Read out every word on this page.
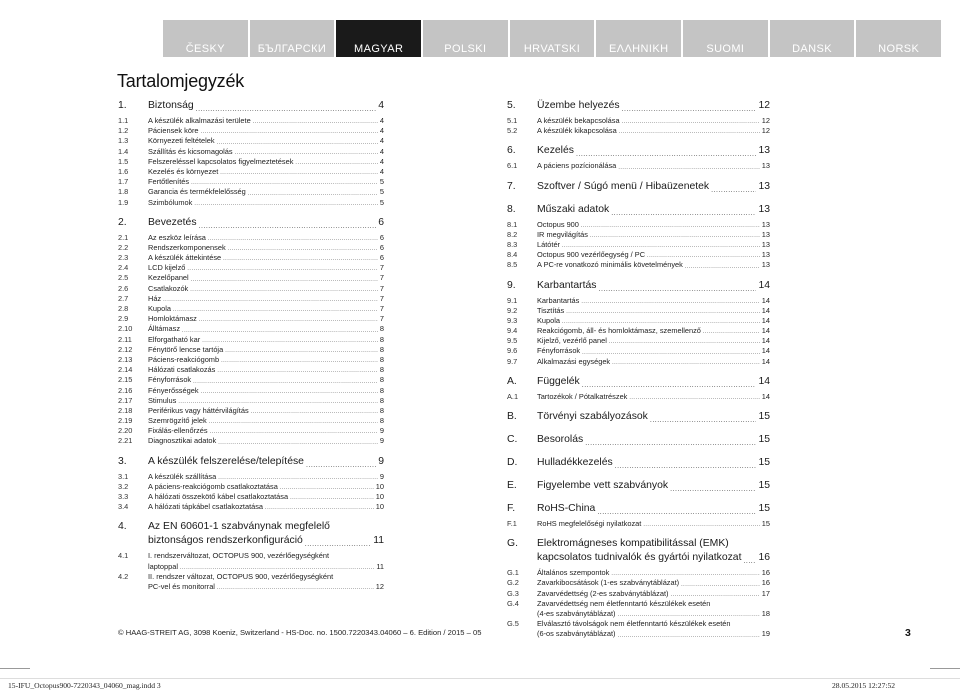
ČESKY	БЪЛГАРСКИ	MAGYAR	POLSKI	HRVATSKI	ΕΛΛΗΝΙΚΗ	SUOMI	DANSK	NORSK
Tartalomjegyzék
1.	Biztonság .....	4
1.1	A készülék alkalmazási területe .....	4
1.2	Páciensek köre .....	4
1.3	Környezeti feltételek .....	4
1.4	Szállítás és kicsomagolás .....	4
1.5	Felszereléssel kapcsolatos figyelmeztetések .....	4
1.6	Kezelés és környezet .....	4
1.7	Fertőtlenítés .....	5
1.8	Garancia és termékfelelősség .....	5
1.9	Szimbólumok .....	5
2.	Bevezetés .....	6
2.1	Az eszköz leírása .....	6
2.2	Rendszerkomponensek .....	6
2.3	A készülék áttekintése .....	6
2.4	LCD kijelző .....	7
2.5	Kezelőpanel .....	7
2.6	Csatlakozók .....	7
2.7	Ház .....	7
2.8	Kupola .....	7
2.9	Homloktámasz .....	7
2.10	Álltámasz .....	8
2.11	Elforgatható kar .....	8
2.12	Fénytörő lencse tartója .....	8
2.13	Páciens-reakciógomb .....	8
2.14	Hálózati csatlakozás .....	8
2.15	Fényforrások .....	8
2.16	Fényerősségek .....	8
2.17	Stimulus .....	8
2.18	Periférikus vagy háttérvilágítás .....	8
2.19	Szemrögzítő jelek .....	8
2.20	Fixálás-ellenőrzés .....	9
2.21	Diagnosztikai adatok .....	9
3.	A készülék felszerelése/telepítése .....	9
3.1	A készülék szállítása .....	9
3.2	A páciens-reakciógomb csatlakoztatása .....	10
3.3	A hálózati összekötő kábel csatlakoztatása .....	10
3.4	A hálózati tápkábel csatlakoztatása .....	10
4.	Az EN 60601-1 szabványnak megfelelő
biztonságos rendszerkonfiguráció .....	11
4.1	I. rendszerváltozat, OCTOPUS 900, vezérlőegységként
laptoppal .....	11
4.2	II. rendszer változat, OCTOPUS 900, vezérlőegységként
PC-vel és monitorral .....	12
5.	Üzembe helyezés .....	12
5.1	A készülék bekapcsolása .....	12
5.2	A készülék kikapcsolása .....	12
6.	Kezelés .....	13
6.1	A páciens pozícionálása .....	13
7.	Szoftver / Súgó menü / Hibaüzenetek .....	13
8.	Műszaki adatok .....	13
8.1	Octopus 900 .....	13
8.2	IR megvilágítás .....	13
8.3	Látótér .....	13
8.4	Octopus 900 vezérlőegység / PC .....	13
8.5	A PC-re vonatkozó minimális követelmények .....	13
9.	Karbantartás .....	14
9.1	Karbantartás .....	14
9.2	Tisztítás .....	14
9.3	Kupola .....	14
9.4	Reakciógomb, áll- és homloktámasz, szemellenző .....	14
9.5	Kijelző, vezérlő panel .....	14
9.6	Fényforrások .....	14
9.7	Alkalmazási egységek .....	14
A.	Függelék .....	14
A.1	Tartozékok / Pótalkatrészek .....	14
B.	Törvényi szabályozások .....	15
C.	Besorolás .....	15
D.	Hulladékkezelés .....	15
E.	Figyelembe vett szabványok .....	15
F.	RoHS-China .....	15
F.1	RoHS megfelelőségi nyilatkozat .....	15
G.	Elektromágneses kompatibilitással (EMK)
kapcsolatos tudnivalók és gyártói nyilatkozat ..... 16
G.1	Általános szempontok .....	16
G.2	Zavarkibocsátások (1-es szabványtáblázat) .....	16
G.3	Zavarvédettség (2-es szabványtáblázat) .....	17
G.4	Zavarvédettség nem életfenntartó készülékek esetén
(4-es szabványtáblázat) .....	18
G.5	Elválasztó távolságok nem életfenntartó készülékek esetén
(6-os szabványtáblázat) .....	19
© HAAG-STREIT AG, 3098 Koeniz, Switzerland - HS-Doc. no. 1500.7220343.04060 – 6. Edition / 2015 – 05	3
15-IFU_Octopus900-7220343_04060_mag.indd 3	28.05.2015 12:27:52
